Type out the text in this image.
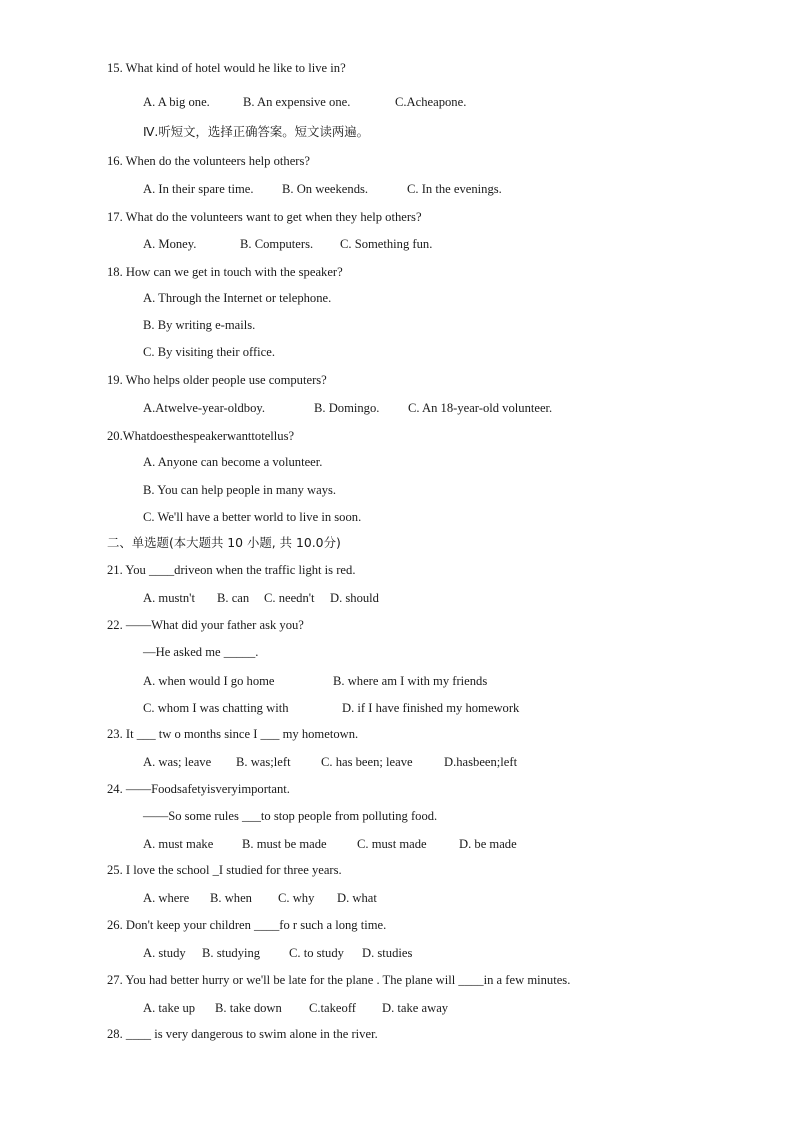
15. What kind of hotel would he like to live in?
A. A big one.	B. An expensive one.	C.Acheapone.
Ⅳ.听短文，选择正确答案。短文读两遍。
16. When do the volunteers help others?
A. In their spare time. B. On weekends.	C. In the evenings.
17. What do the volunteers want to get when they help others?
A. Money.	B. Computers. C. Something fun.
18. How can we get in touch with the speaker?
A. Through the Internet or telephone.
B. By writing e-mails.
C. By visiting their office.
19. Who helps older people use computers?
A.Atwelve-year-oldboy.	B. Domingo. C. An 18-year-old volunteer.
20.Whatdoesthespeakerwanttotellus?
A. Anyone can become a volunteer.
B. You can help people in many ways.
C. We'll have a better world to live in soon.
二、单选题(本大题共 10 小题, 共 10.0分)
21. You ____driveon when the traffic light is red.
A. mustn't B. can C. needn't D. should
22. ——What did your father ask you?
—He asked me _____.
A. when would I go home	B. where am I with my friends
C. whom I was chatting with	D. if I have finished my homework
23. It ___ tw o months since I ___ my hometown.
A. was; leave B. was;left C. has been; leave D.hasbeen;left
24. ——Foodsafetyisveryimportant.
——So some rules ___to stop people from polluting food.
A. must make B. must be made C. must made	D. be made
25. I love the school _I studied for three years.
A. where B. when C. why D. what
26. Don't keep your children ____fo r such a long time.
A. study B. studying C. to study D. studies
27. You had better hurry or we'll be late for the plane . The plane will ____in a few minutes.
A. take up B. take down C.takeoff D. take away
28. ____ is very dangerous to swim alone in the river.
